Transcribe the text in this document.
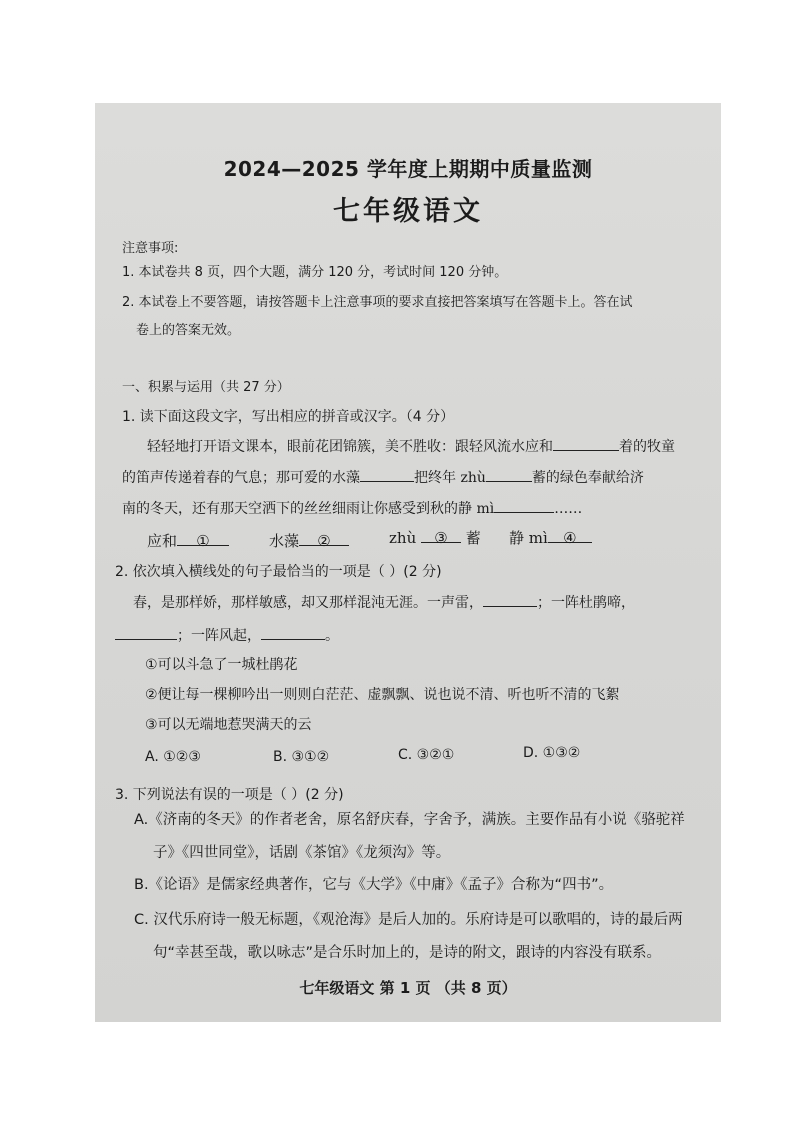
2024—2025 学年度上期期中质量监测
七年级语文
注意事项:
1. 本试卷共 8 页，四个大题，满分 120 分，考试时间 120 分钟。
2. 本试卷上不要答题，请按答题卡上注意事项的要求直接把答案填写在答题卡上。答在试
卷上的答案无效。
一、积累与运用（共 27 分）
1. 读下面这段文字，写出相应的拼音或汉字。（4 分）
轻轻地打开语文课本，眼前花团锦簇，美不胜收：跟轻风流水应和	着的牧童
的笛声传递着春的气息；那可爱的水藻	把终年 zhù	蓄的绿色奉献给济
南的冬天，还有那天空洒下的丝丝细雨让你感受到秋的静 mì	……
应和 ①	水藻 ②	zhù ③ 蓄 静 mì ④
2. 依次填入横线处的句子最恰当的一项是（ ）(2 分)
春，是那样娇，那样敏感，却又那样混沌无涯。一声雷，	；一阵杜鹃啼，
；一阵风起，	。
①可以斗急了一城杜鹃花
②便让每一棵柳吟出一则则白茫茫、虚飘飘、说也说不清、听也听不清的飞絮
③可以无端地惹哭满天的云
A. ①②③	B. ③①②	C. ③②①	D. ①③②
3. 下列说法有误的一项是（ ）(2 分)
A.《济南的冬天》的作者老舍，原名舒庆春，字舍予，满族。主要作品有小说《骆驼祥
子》《四世同堂》，话剧《茶馆》《龙须沟》等。
B.《论语》是儒家经典著作，它与《大学》《中庸》《孟子》合称为“四书”。
C. 汉代乐府诗一般无标题，《观沧海》是后人加的。乐府诗是可以歌唱的，诗的最后两
句“幸甚至哉，歌以咏志”是合乐时加上的，是诗的附文，跟诗的内容没有联系。
七年级语文 第 1 页 （共 8 页）
